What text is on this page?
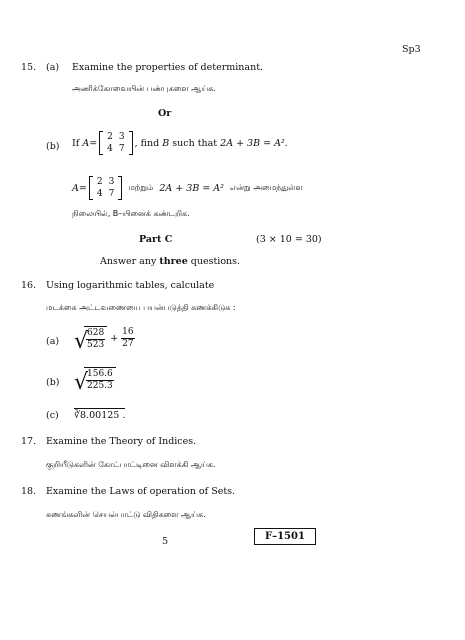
Sp3
15. (a) Examine the properties of determinant.
அணிக்கோவையின் பண்புகளை ஆய்க.
Or
(b) If
A =
2	3
4	7
, find
B
such that
2A + 3B = A².
A =
2	3
4	7
மற்றும்
2A + 3B = A²
என்று அமைந்துள்ள
நிலையில், B–யினைக் கண்டறிக.
Part C	(3 × 10 = 30)
Answer any three questions.
16. Using logarithmic tables, calculate
மடக்கை அட்டவணையை பயன்படுத்தி கணக்கிடுக :
(a) √
$\frac{628}{523} + \frac{16}{27}$
(b) √
$\frac{156.6}{225.3}$
(c) ∛8.00125 .
17. Examine the Theory of Indices.
குறியீடுகளின் கோட்பாட்டினை விளக்கி ஆய்க.
18. Examine the Laws of operation of Sets.
கணங்களின் செயல்பாட்டு விதிகளை ஆய்க.
5	F–1501
